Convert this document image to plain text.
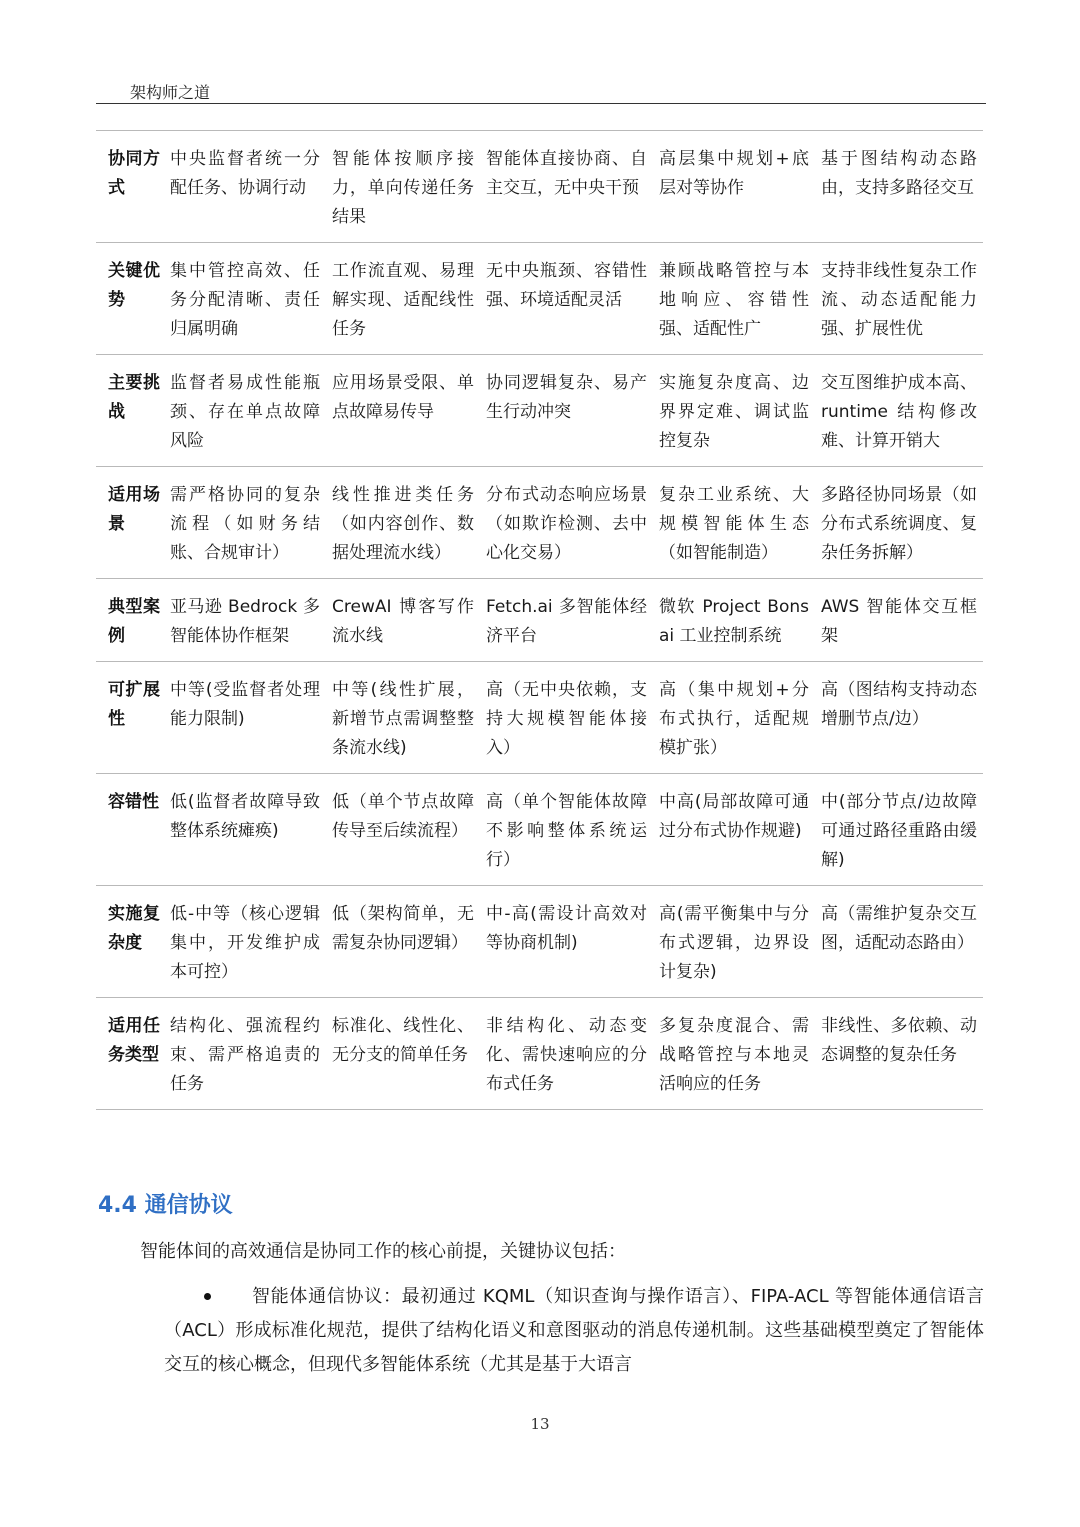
架构师之道
协同方式	中央监督者统一分配任务、协调行动	智能体按顺序接力，单向传递任务结果	智能体直接协商、自主交互，无中央干预	高层集中规划+底层对等协作	基于图结构动态路由，支持多路径交互
关键优势	集中管控高效、任务分配清晰、责任归属明确	工作流直观、易理解实现、适配线性任务	无中央瓶颈、容错性强、环境适配灵活	兼顾战略管控与本地响应、容错性强、适配性广	支持非线性复杂工作流、动态适配能力强、扩展性优
主要挑战	监督者易成性能瓶颈、存在单点故障风险	应用场景受限、单点故障易传导	协同逻辑复杂、易产生行动冲突	实施复杂度高、边界界定难、调试监控复杂	交互图维护成本高、 runtime 结构修改难、计算开销大
适用场景	需严格协同的复杂流程（如财务结账、合规审计）	线性推进类任务（如内容创作、数据处理流水线）	分布式动态响应场景（如欺诈检测、去中心化交易）	复杂工业系统、大规模智能体生态（如智能制造）	多路径协同场景（如分布式系统调度、复杂任务拆解）
典型案例	亚马逊 Bedrock 多智能体协作框架	CrewAI 博客写作流水线	Fetch.ai 多智能体经济平台	微软 Project Bonsai 工业控制系统	AWS 智能体交互框架
可扩展性	中等(受监督者处理能力限制)	中等(线性扩展，新增节点需调整整条流水线)	高（无中央依赖，支持大规模智能体接入）	高（集中规划+分布式执行，适配规模扩张）	高（图结构支持动态增删节点/边）
容错性	低(监督者故障导致整体系统瘫痪)	低（单个节点故障传导至后续流程）	高（单个智能体故障不影响整体系统运行）	中高(局部故障可通过分布式协作规避)	中(部分节点/边故障可通过路径重路由缓解)
实施复杂度	低-中等（核心逻辑集中，开发维护成本可控）	低（架构简单，无需复杂协同逻辑）	中-高(需设计高效对等协商机制)	高(需平衡集中与分布式逻辑，边界设计复杂)	高（需维护复杂交互图，适配动态路由）
适用任务类型	结构化、强流程约束、需严格追责的任务	标准化、线性化、无分支的简单任务	非结构化、动态变化、需快速响应的分布式任务	多复杂度混合、需战略管控与本地灵活响应的任务	非线性、多依赖、动态调整的复杂任务
4.4 通信协议
智能体间的高效通信是协同工作的核心前提，关键协议包括：
智能体通信协议：最初通过 KQML（知识查询与操作语言）、FIPA-ACL 等智能体通信语言（ACL）形成标准化规范，提供了结构化语义和意图驱动的消息传递机制。这些基础模型奠定了智能体交互的核心概念，但现代多智能体系统（尤其是基于大语言
13
